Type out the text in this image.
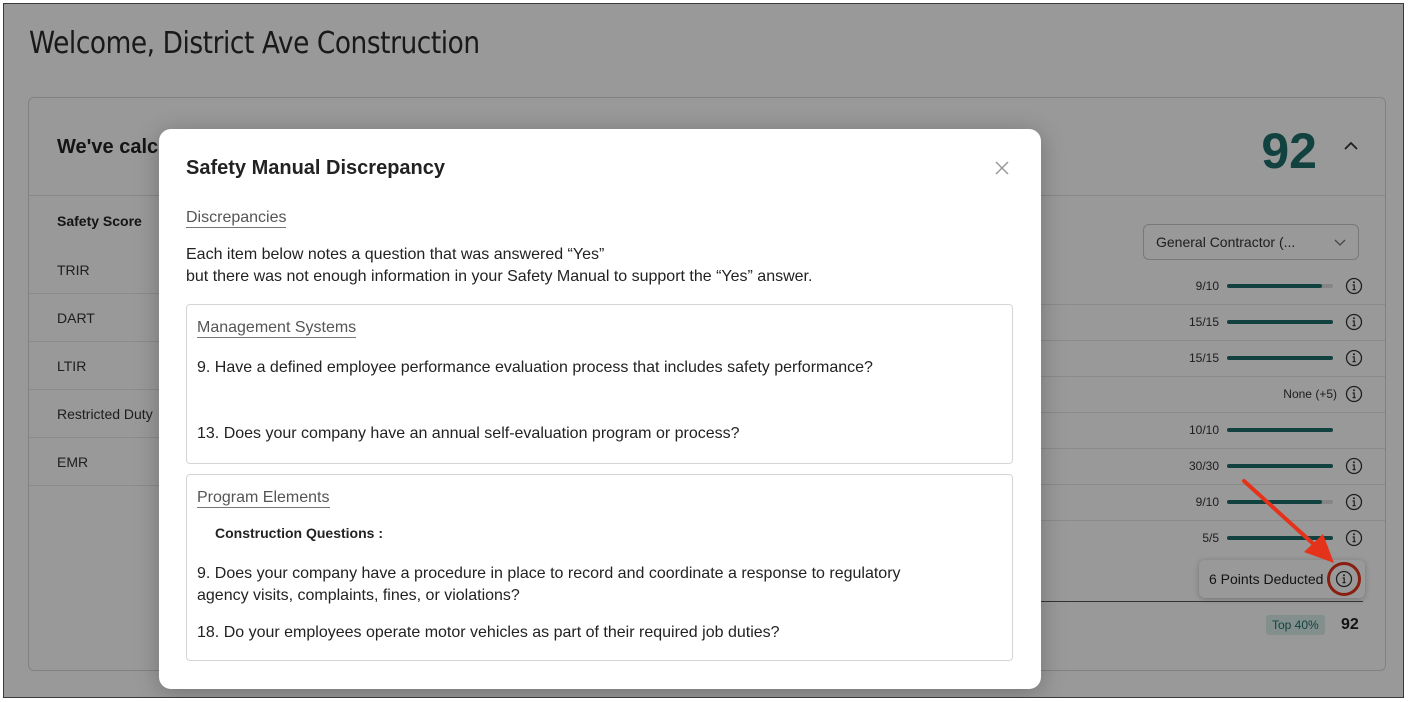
Welcome, District Ave Construction
We've calc	92
Safety Score
TRIR
DART
LTIR
Restricted Duty
EMR
General Contractor (...
9/10
15/15
15/15
None (+5)
10/10
30/30
9/10
5/5
6 Points Deducted
Top 40%	92
Safety Manual Discrepancy
Discrepancies
Each item below notes a question that was answered “Yes”
but there was not enough information in your Safety Manual to support the “Yes” answer.
Management Systems
9. Have a defined employee performance evaluation process that includes safety performance?
13. Does your company have an annual self-evaluation program or process?
Program Elements
Construction Questions :
9. Does your company have a procedure in place to record and coordinate a response to regulatory agency visits, complaints, fines, or violations?
18. Do your employees operate motor vehicles as part of their required job duties?
